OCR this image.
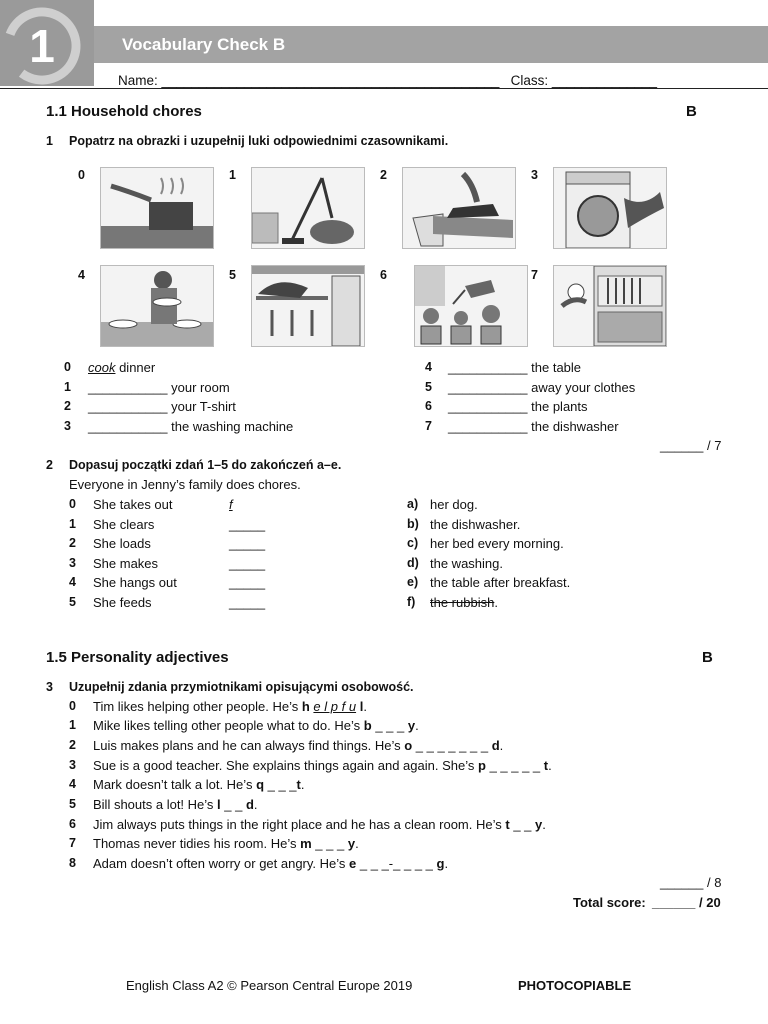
1	Vocabulary Check B
Name: _____________________________________________   Class: ______________
1.1 Household chores	B
1 Popatrz na obrazki i uzupełnij luki odpowiednimi czasownikami.
0	1	2	3
4	5	6	7
0 cook dinner
1 ___________ your room
2 ___________ your T-shirt
3 ___________ the washing machine
4 ___________ the table
5 ___________ away your clothes
6 ___________ the plants
7 ___________ the dishwasher
______ / 7
2 Dopasuj początki zdań 1–5 do zakończeń a–e.
Everyone in Jenny’s family does chores.
0 She takes out	f
1 She clears	_____
2 She loads	_____
3 She makes	_____
4 She hangs out	_____
5 She feeds	_____
a) her dog.
b) the dishwasher.
c) her bed every morning.
d) the washing.
e) the table after breakfast.
f) the rubbish.
1.5 Personality adjectives	B
3 Uzupełnij zdania przymiotnikami opisującymi osobowość.
0 Tim likes helping other people. He’s h e l p f u l.
1 Mike likes telling other people what to do. He’s b _ _ _ y.
2 Luis makes plans and he can always find things. He’s o _ _ _ _ _ _ _ d.
3 Sue is a good teacher. She explains things again and again. She’s p _ _ _ _ _ t.
4 Mark doesn’t talk a lot. He’s q _ _ _t.
5 Bill shouts a lot! He’s l _ _ d.
6 Jim always puts things in the right place and he has a clean room. He’s t _ _ y.
7 Thomas never tidies his room. He’s m _ _ _ y.
8 Adam doesn’t often worry or get angry. He’s e _ _ _-_ _ _ _ g.
______ / 8
Total score: ______ / 20
English Class A2 © Pearson Central Europe 2019	PHOTOCOPIABLE
